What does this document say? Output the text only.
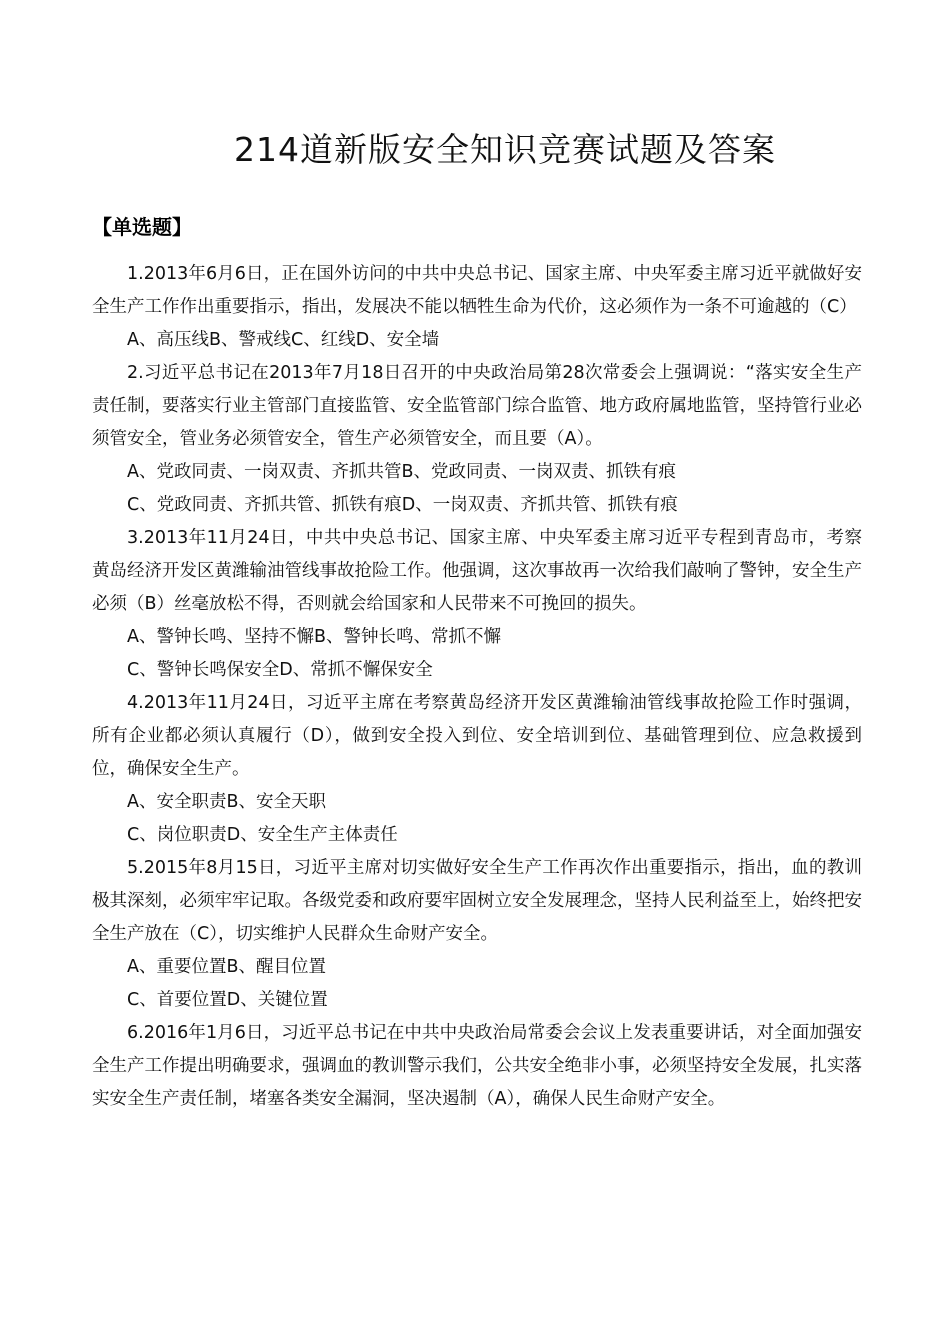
214道新版安全知识竞赛试题及答案
【单选题】

1.2013年6月6日，正在国外访问的中共中央总书记、国家主席、中央军委主席习近平就做好安全生产工作作出重要指示，指出，发展决不能以牺牲生命为代价，这必须作为一条不可逾越的（C）

A、高压线B、警戒线C、红线D、安全墙

2.习近平总书记在2013年7月18日召开的中央政治局第28次常委会上强调说：“落实安全生产责任制，要落实行业主管部门直接监管、安全监管部门综合监管、地方政府属地监管，坚持管行业必须管安全，管业务必须管安全，管生产必须管安全，而且要（A）。

A、党政同责、一岗双责、齐抓共管B、党政同责、一岗双责、抓铁有痕

C、党政同责、齐抓共管、抓铁有痕D、一岗双责、齐抓共管、抓铁有痕

3.2013年11月24日，中共中央总书记、国家主席、中央军委主席习近平专程到青岛市，考察黄岛经济开发区黄潍输油管线事故抢险工作。他强调，这次事故再一次给我们敲响了警钟，安全生产必须（B）丝毫放松不得，否则就会给国家和人民带来不可挽回的损失。

A、警钟长鸣、坚持不懈B、警钟长鸣、常抓不懈

C、警钟长鸣保安全D、常抓不懈保安全

4.2013年11月24日，习近平主席在考察黄岛经济开发区黄潍输油管线事故抢险工作时强调，所有企业都必须认真履行（D），做到安全投入到位、安全培训到位、基础管理到位、应急救援到位，确保安全生产。

A、安全职责B、安全天职

C、岗位职责D、安全生产主体责任

5.2015年8月15日，习近平主席对切实做好安全生产工作再次作出重要指示，指出，血的教训极其深刻，必须牢牢记取。各级党委和政府要牢固树立安全发展理念，坚持人民利益至上，始终把安全生产放在（C），切实维护人民群众生命财产安全。

A、重要位置B、醒目位置

C、首要位置D、关键位置

6.2016年1月6日，习近平总书记在中共中央政治局常委会会议上发表重要讲话，对全面加强安全生产工作提出明确要求，强调血的教训警示我们，公共安全绝非小事，必须坚持安全发展，扎实落实安全生产责任制，堵塞各类安全漏洞，坚决遏制（A），确保人民生命财产安全。
